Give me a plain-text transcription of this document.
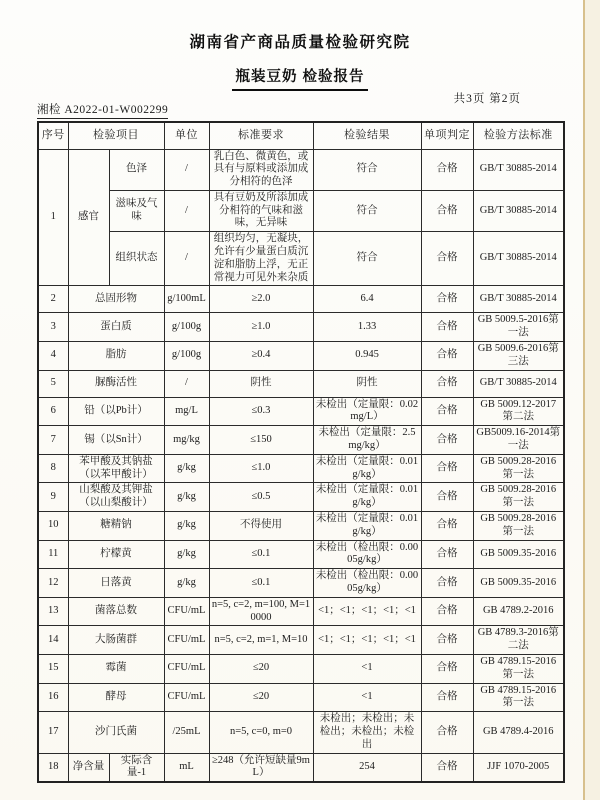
湖南省产商品质量检验研究院
瓶装豆奶 检验报告
湘检 A2022-01-W002299
共3页 第2页
序号	检验项目		单位	标准要求	检验结果	单项判定	检验方法标准
1	感官	色泽	/	乳白色、微黄色，或具有与原料或添加成分相符的色泽	符合	合格	GB/T 30885-2014
		滋味及气味	/	具有豆奶及所添加成分相符的气味和滋味，无异味	符合	合格	GB/T 30885-2014
		组织状态	/	组织均匀，无凝块，允许有少量蛋白质沉淀和脂肪上浮，无正常视力可见外来杂质	符合	合格	GB/T 30885-2014
2	总固形物		g/100mL	≥2.0	6.4	合格	GB/T 30885-2014
3	蛋白质		g/100g	≥1.0	1.33	合格	GB 5009.5-2016第一法
4	脂肪		g/100g	≥0.4	0.945	合格	GB 5009.6-2016第三法
5	脲酶活性		/	阴性	阴性	合格	GB/T 30885-2014
6	铅（以Pb计）		mg/L	≤0.3	未检出（定量限：0.02mg/L）	合格	GB 5009.12-2017 第二法
7	锡（以Sn计）		mg/kg	≤150	未检出（定量限：2.5mg/kg）	合格	GB5009.16-2014第一法
8	苯甲酸及其钠盐（以苯甲酸计）		g/kg	≤1.0	未检出（定量限：0.01g/kg）	合格	GB 5009.28-2016 第一法
9	山梨酸及其钾盐（以山梨酸计）		g/kg	≤0.5	未检出（定量限：0.01g/kg）	合格	GB 5009.28-2016 第一法
10	糖精钠		g/kg	不得使用	未检出（定量限：0.01g/kg）	合格	GB 5009.28-2016 第一法
11	柠檬黄		g/kg	≤0.1	未检出（检出限：0.0005g/kg）	合格	GB 5009.35-2016
12	日落黄		g/kg	≤0.1	未检出（检出限：0.0005g/kg）	合格	GB 5009.35-2016
13	菌落总数		CFU/mL	n=5, c=2, m=100, M=10000	<1；<1；<1；<1；<1	合格	GB 4789.2-2016
14	大肠菌群		CFU/mL	n=5, c=2, m=1, M=10	<1；<1；<1；<1；<1	合格	GB 4789.3-2016第二法
15	霉菌		CFU/mL	≤20	<1	合格	GB 4789.15-2016第一法
16	酵母		CFU/mL	≤20	<1	合格	GB 4789.15-2016第一法
17	沙门氏菌		/25mL	n=5, c=0, m=0	未检出；未检出；未检出；未检出；未检出	合格	GB 4789.4-2016
18	净含量	实际含量-1	mL	≥248（允许短缺量9mL）	254	合格	JJF 1070-2005
